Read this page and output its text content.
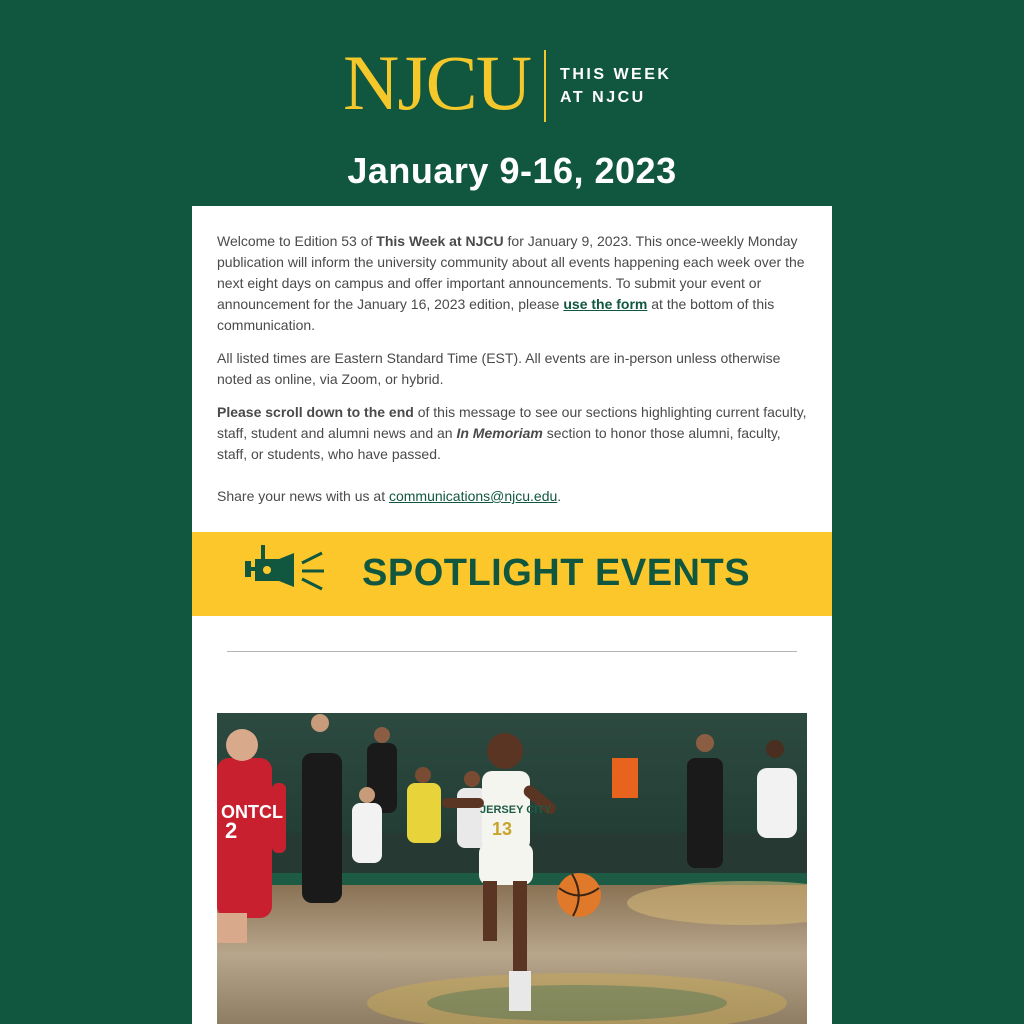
NJCU THIS WEEK
AT NJCU
January 9-16, 2023

Welcome to Edition 53 of This Week at NJCU for January 9, 2023. This once-weekly Monday publication will inform the university community about all events happening each week over the next eight days on campus and offer important announcements. To submit your event or announcement for the January 16, 2023 edition, please use the form at the bottom of this communication.

All listed times are Eastern Standard Time (EST). All events are in-person unless otherwise noted as online, via Zoom, or hybrid.

Please scroll down to the end of this message to see our sections highlighting current faculty, staff, student and alumni news and an In Memoriam section to honor those alumni, faculty, staff, or students, who have passed.

Share your news with us at communications@njcu.edu.

SPOTLIGHT EVENTS
ONTCL
2
JERSEY CITY
13
